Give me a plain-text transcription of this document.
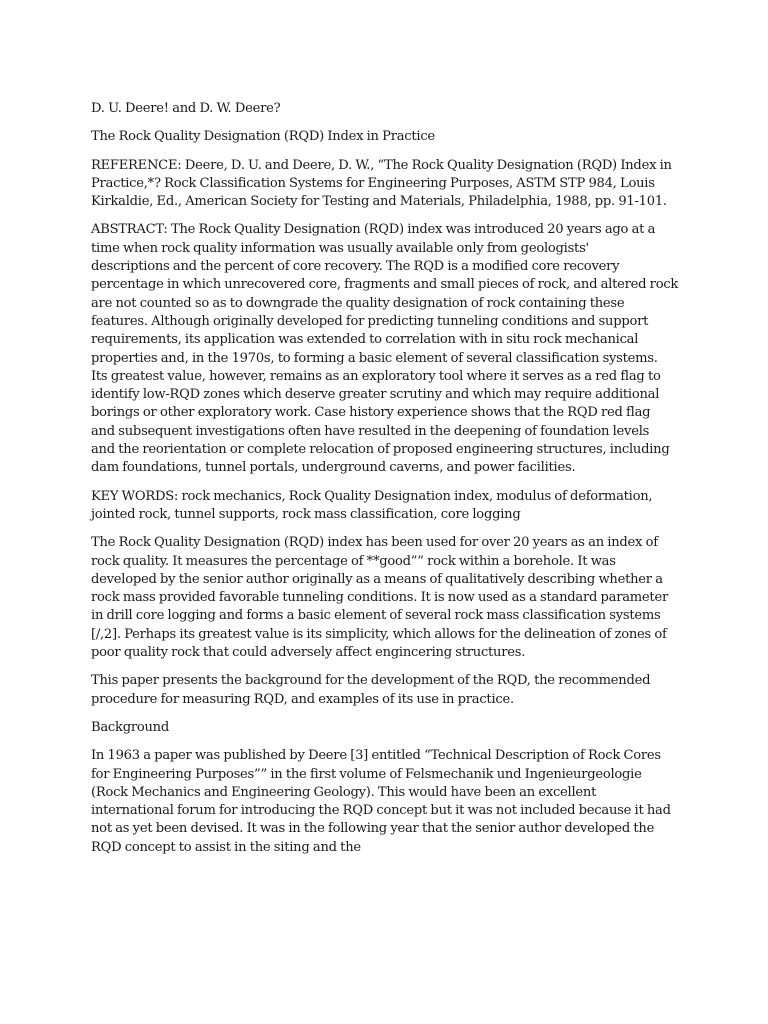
D. U. Deere! and D. W. Deere?

The Rock Quality Designation (RQD) Index in Practice

REFERENCE: Deere, D. U. and Deere, D. W., “The Rock Quality Designation (RQD) Index in
Practice,*? Rock Classification Systems for Engineering Purposes, ASTM STP 984, Louis
Kirkaldie, Ed., American Society for Testing and Materials, Philadelphia, 1988, pp. 91-101.

ABSTRACT: The Rock Quality Designation (RQD) index was introduced 20 years ago at a
time when rock quality information was usually available only from geologists'
descriptions and the percent of core recovery. The RQD is a modified core recovery
percentage in which unrecovered core, fragments and small pieces of rock, and altered rock
are not counted so as to downgrade the quality designation of rock containing these
features. Although originally developed for predicting tunneling conditions and support
requirements, its application was extended to correlation with in situ rock mechanical
properties and, in the 1970s, to forming a basic element of several classification systems.
Its greatest value, however, remains as an exploratory tool where it serves as a red flag to
identify low-RQD zones which deserve greater scrutiny and which may require additional
borings or other exploratory work. Case history experience shows that the RQD red flag
and subsequent investigations often have resulted in the deepening of foundation levels
and the reorientation or complete relocation of proposed engineering structures, including
dam foundations, tunnel portals, underground caverns, and power facilities.

KEY WORDS: rock mechanics, Rock Quality Designation index, modulus of deformation,
jointed rock, tunnel supports, rock mass classification, core logging

The Rock Quality Designation (RQD) index has been used for over 20 years as an index of
rock quality. It measures the percentage of **good”” rock within a borehole. It was
developed by the senior author originally as a means of qualitatively describing whether a
rock mass provided favorable tunneling conditions. It is now used as a standard parameter
in drill core logging and forms a basic element of several rock mass classification systems
[/,2]. Perhaps its greatest value is its simplicity, which allows for the delineation of zones of
poor quality rock that could adversely affect engincering structures.

This paper presents the background for the development of the RQD, the recommended
procedure for measuring RQD, and examples of its use in practice.

Background

In 1963 a paper was published by Deere [3] entitled “Technical Description of Rock Cores
for Engineering Purposes”” in the first volume of Felsmechanik und Ingenieurgeologie
(Rock Mechanics and Engineering Geology). This would have been an excellent
international forum for introducing the RQD concept but it was not included because it had
not as yet been devised. It was in the following year that the senior author developed the
RQD concept to assist in the siting and the
